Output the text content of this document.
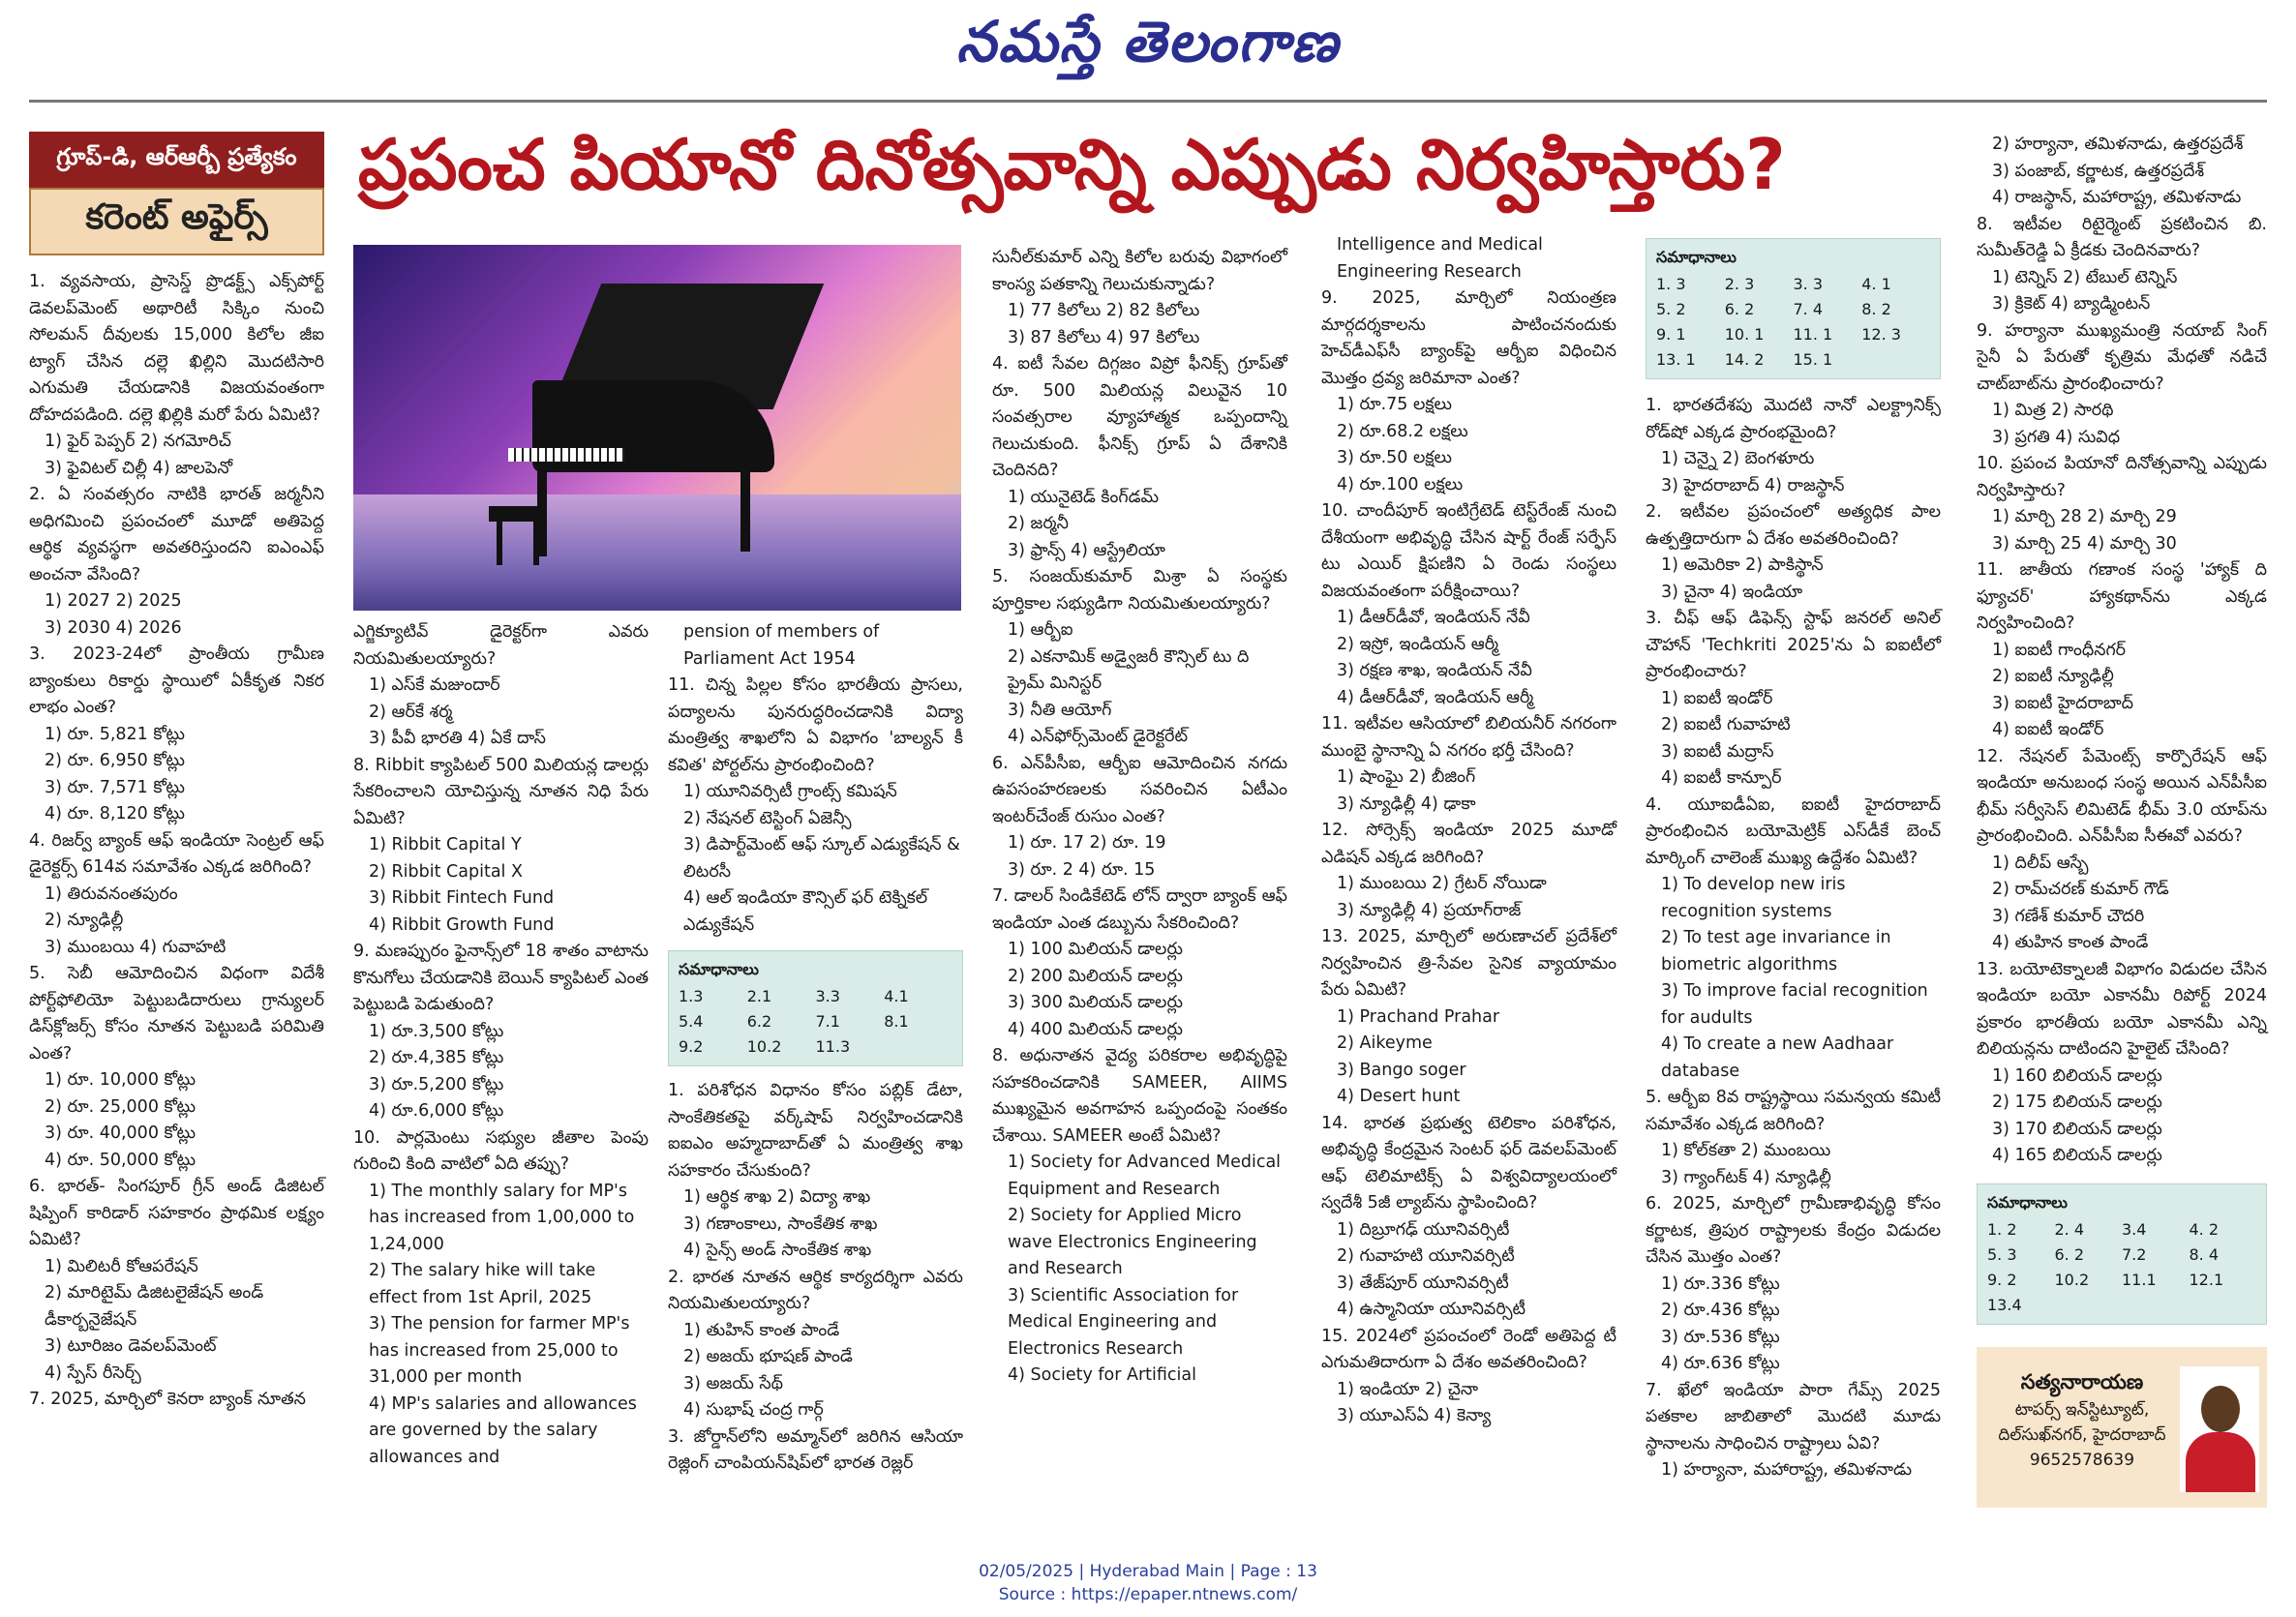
నమస్తే తెలంగాణ
గ్రూప్-డి, ఆర్ఆర్బీ ప్రత్యేకం
కరెంట్ అఫైర్స్
ప్రపంచ పియానో దినోత్సవాన్ని ఎప్పుడు నిర్వహిస్తారు?

1. వ్యవసాయ, ప్రాసెస్డ్ ప్రొడక్ట్స్ ఎక్స్‌పోర్ట్ డెవలప్‌మెంట్ అథారిటీ సిక్కిం నుంచి సోలమన్ దీవులకు 15,000 కిలోల జీఐ ట్యాగ్ చేసిన దల్లె ఖిల్లిని మొదటిసారి ఎగుమతి చేయడానికి విజయవంతంగా దోహదపడింది. దల్లె ఖిల్లికి మరో పేరు ఏమిటి?

1) ఫైర్ పెప్పర్ 2) నగమోరిచ్

3) ఫైవిటల్ చిల్లీ 4) జాలపెనో

2. ఏ సంవత్సరం నాటికి భారత్ జర్మనీని అధిగమించి ప్రపంచంలో మూడో అతిపెద్ద ఆర్థిక వ్యవస్థగా అవతరిస్తుందని ఐఎంఎఫ్ అంచనా వేసింది?

1) 2027 2) 2025

3) 2030 4) 2026

3. 2023-24లో ప్రాంతీయ గ్రామీణ బ్యాంకులు రికార్డు స్థాయిలో ఏకీకృత నికర లాభం ఎంత?

1) రూ. 5,821 కోట్లు

2) రూ. 6,950 కోట్లు

3) రూ. 7,571 కోట్లు

4) రూ. 8,120 కోట్లు

4. రిజర్వ్ బ్యాంక్ ఆఫ్ ఇండియా సెంట్రల్ ఆఫ్ డైరెక్టర్స్ 614వ సమావేశం ఎక్కడ జరిగింది?

1) తిరువనంతపురం

2) న్యూఢిల్లీ

3) ముంబయి 4) గువాహటి

5. సెబీ ఆమోదించిన విధంగా విదేశీ పోర్ట్‌ఫోలియో పెట్టుబడిదారులు గ్రాన్యులర్ డిస్‌క్లోజర్స్ కోసం నూతన పెట్టుబడి పరిమితి ఎంత?

1) రూ. 10,000 కోట్లు

2) రూ. 25,000 కోట్లు

3) రూ. 40,000 కోట్లు

4) రూ. 50,000 కోట్లు

6. భారత్- సింగపూర్ గ్రీన్ అండ్ డిజిటల్ షిప్పింగ్ కారిడార్ సహకారం ప్రాథమిక లక్ష్యం ఏమిటి?

1) మిలిటరీ కోఆపరేషన్

2) మారిటైమ్ డిజిటలైజేషన్ అండ్ డీకార్బనైజేషన్

3) టూరిజం డెవలప్‌మెంట్

4) స్పేస్ రీసెర్చ్

7. 2025, మార్చిలో కెనరా బ్యాంక్ నూతన

ఎగ్జిక్యూటివ్ డైరెక్టర్‌గా ఎవరు నియమితులయ్యారు?

1) ఎస్‌కే మజుందార్

2) ఆర్‌కే శర్మ

3) పీవీ భారతి 4) ఏకే దాస్

8. Ribbit క్యాపిటల్ 500 మిలియన్ల డాలర్లు సేకరించాలని యోచిస్తున్న నూతన నిధి పేరు ఏమిటి?

1) Ribbit Capital Y

2) Ribbit Capital X

3) Ribbit Fintech Fund

4) Ribbit Growth Fund

9. మణప్పురం ఫైనాన్స్‌లో 18 శాతం వాటాను కొనుగోలు చేయడానికి బెయిన్ క్యాపిటల్ ఎంత పెట్టుబడి పెడుతుంది?

1) రూ.3,500 కోట్లు

2) రూ.4,385 కోట్లు

3) రూ.5,200 కోట్లు

4) రూ.6,000 కోట్లు

10. పార్లమెంటు సభ్యుల జీతాల పెంపు గురించి కింది వాటిలో ఏది తప్పు?

1) The monthly salary for MP's has increased from 1,00,000 to 1,24,000

2) The salary hike will take effect from 1st April, 2025

3) The pension for farmer MP's has increased from 25,000 to 31,000 per month

4) MP's salaries and allowances are governed by the salary allowances and

pension of members of Parliament Act 1954

11. చిన్న పిల్లల కోసం భారతీయ ప్రాసలు, పద్యాలను పునరుద్ధరించడానికి విద్యా మంత్రిత్వ శాఖలోని ఏ విభాగం 'బాల్యన్ కీ కవిత' పోర్టల్‌ను ప్రారంభించింది?

1) యూనివర్సిటీ గ్రాంట్స్ కమిషన్

2) నేషనల్ టెస్టింగ్ ఏజెన్సీ

3) డిపార్ట్‌మెంట్ ఆఫ్ స్కూల్ ఎడ్యుకేషన్ & లిటరసీ

4) ఆల్ ఇండియా కౌన్సిల్ ఫర్ టెక్నికల్ ఎడ్యుకేషన్

సమాధానాలు
1.3	2.1	3.3	4.1
5.4	6.2	7.1	8.1
9.2	10.2	11.3

1. పరిశోధన విధానం కోసం పబ్లిక్ డేటా, సాంకేతికతపై వర్క్‌షాప్ నిర్వహించడానికి ఐఐఎం అహ్మదాబాద్‌తో ఏ మంత్రిత్వ శాఖ సహకారం చేసుకుంది?

1) ఆర్థిక శాఖ 2) విద్యా శాఖ

3) గణాంకాలు, సాంకేతిక శాఖ

4) సైన్స్ అండ్ సాంకేతిక శాఖ

2. భారత నూతన ఆర్థిక కార్యదర్శిగా ఎవరు నియమితులయ్యారు?

1) తుహిన్ కాంత పాండే

2) అజయ్ భూషణ్ పాండే

3) అజయ్ సేథ్

4) సుభాష్ చంద్ర గార్గ్

3. జోర్డాన్‌లోని అమ్మాన్‌లో జరిగిన ఆసియా రెజ్లింగ్ చాంపియన్‌షిప్‌లో భారత రెజ్లర్

సునీల్‌కుమార్ ఎన్ని కిలోల బరువు విభాగంలో కాంస్య పతకాన్ని గెలుచుకున్నాడు?

1) 77 కిలోలు 2) 82 కిలోలు

3) 87 కిలోలు 4) 97 కిలోలు

4. ఐటీ సేవల దిగ్గజం విప్రో ఫీనిక్స్ గ్రూప్‌తో రూ. 500 మిలియన్ల విలువైన 10 సంవత్సరాల వ్యూహాత్మక ఒప్పందాన్ని గెలుచుకుంది. ఫీనిక్స్ గ్రూప్ ఏ దేశానికి చెందినది?

1) యునైటెడ్ కింగ్‌డమ్

2) జర్మనీ

3) ఫ్రాన్స్ 4) ఆస్ట్రేలియా

5. సంజయ్‌కుమార్ మిశ్రా ఏ సంస్థకు పూర్తికాల సభ్యుడిగా నియమితులయ్యారు?

1) ఆర్బీఐ

2) ఎకనామిక్ అడ్వైజరీ కౌన్సిల్ టు ది ప్రైమ్ మినిస్టర్

3) నీతి ఆయోగ్

4) ఎన్‌ఫోర్స్‌మెంట్ డైరెక్టరేట్

6. ఎన్‌పీసీఐ, ఆర్బీఐ ఆమోదించిన నగదు ఉపసంహరణలకు సవరించిన ఏటీఎం ఇంటర్‌చేంజ్ రుసుం ఎంత?

1) రూ. 17 2) రూ. 19

3) రూ. 2 4) రూ. 15

7. డాలర్ సిండికేటెడ్ లోన్ ద్వారా బ్యాంక్ ఆఫ్ ఇండియా ఎంత డబ్బును సేకరించింది?

1) 100 మిలియన్ డాలర్లు

2) 200 మిలియన్ డాలర్లు

3) 300 మిలియన్ డాలర్లు

4) 400 మిలియన్ డాలర్లు

8. అధునాతన వైద్య పరికరాల అభివృద్ధిపై సహకరించడానికి SAMEER, AIIMS ముఖ్యమైన అవగాహన ఒప్పందంపై సంతకం చేశాయి. SAMEER అంటే ఏమిటి?

1) Society for Advanced Medical Equipment and Research

2) Society for Applied Micro wave Electronics Engineering and Research

3) Scientific Association for Medical Engineering and Electronics Research

4) Society for Artificial

Intelligence and Medical Engineering Research

9. 2025, మార్చిలో నియంత్రణ మార్గదర్శకాలను పాటించనందుకు హెచ్‌డీఎఫ్‌సీ బ్యాంక్‌పై ఆర్బీఐ విధించిన మొత్తం ద్రవ్య జరిమానా ఎంత?

1) రూ.75 లక్షలు

2) రూ.68.2 లక్షలు

3) రూ.50 లక్షలు

4) రూ.100 లక్షలు

10. చాందీపూర్ ఇంటిగ్రేటెడ్ టెస్ట్‌రేంజ్ నుంచి దేశీయంగా అభివృద్ధి చేసిన షార్ట్ రేంజ్ సర్ఫేస్ టు ఎయిర్ క్షిపణిని ఏ రెండు సంస్థలు విజయవంతంగా పరీక్షించాయి?

1) డీఆర్‌డీవో, ఇండియన్ నేవీ

2) ఇస్రో, ఇండియన్ ఆర్మీ

3) రక్షణ శాఖ, ఇండియన్ నేవీ

4) డీఆర్‌డీవో, ఇండియన్ ఆర్మీ

11. ఇటీవల ఆసియాలో బిలియనీర్ నగరంగా ముంబై స్థానాన్ని ఏ నగరం భర్తీ చేసింది?

1) షాంఘై 2) బీజింగ్

3) న్యూఢిల్లీ 4) ఢాకా

12. సోర్సెక్స్ ఇండియా 2025 మూడో ఎడిషన్ ఎక్కడ జరిగింది?

1) ముంబయి 2) గ్రేటర్ నోయిడా

3) న్యూఢిల్లీ 4) ప్రయాగ్‌రాజ్

13. 2025, మార్చిలో అరుణాచల్ ప్రదేశ్‌లో నిర్వహించిన త్రి-సేవల సైనిక వ్యాయామం పేరు ఏమిటి?

1) Prachand Prahar

2) Aikeyme

3) Bango soger

4) Desert hunt

14. భారత ప్రభుత్వ టెలికాం పరిశోధన, అభివృద్ధి కేంద్రమైన సెంటర్ ఫర్ డెవలప్‌మెంట్ ఆఫ్ టెలిమాటిక్స్ ఏ విశ్వవిద్యాలయంలో స్వదేశీ 5జీ ల్యాబ్‌ను స్థాపించింది?

1) దిబ్రూగఢ్ యూనివర్సిటీ

2) గువాహటి యూనివర్సిటీ

3) తేజ్‌పూర్ యూనివర్సిటీ

4) ఉస్మానియా యూనివర్సిటీ

15. 2024లో ప్రపంచంలో రెండో అతిపెద్ద టీ ఎగుమతిదారుగా ఏ దేశం అవతరించింది?

1) ఇండియా 2) చైనా

3) యూఎస్‌ఏ 4) కెన్యా

సమాధానాలు
1. 3	2. 3	3. 3	4. 1
5. 2	6. 2	7. 4	8. 2
9. 1	10. 1	11. 1	12. 3
13. 1	14. 2	15. 1

1. భారతదేశపు మొదటి నానో ఎలక్ట్రానిక్స్ రోడ్‌షో ఎక్కడ ప్రారంభమైంది?

1) చెన్నై 2) బెంగళూరు

3) హైదరాబాద్ 4) రాజస్థాన్

2. ఇటీవల ప్రపంచంలో అత్యధిక పాల ఉత్పత్తిదారుగా ఏ దేశం అవతరించింది?

1) అమెరికా 2) పాకిస్థాన్

3) చైనా 4) ఇండియా

3. చీఫ్ ఆఫ్ డిఫెన్స్ స్టాఫ్ జనరల్ అనిల్ చౌహాన్ 'Techkriti 2025'ను ఏ ఐఐటీలో ప్రారంభించారు?

1) ఐఐటీ ఇండోర్

2) ఐఐటీ గువాహటి

3) ఐఐటీ మద్రాస్

4) ఐఐటీ కాన్పూర్

4. యూఐడీఏఐ, ఐఐటీ హైదరాబాద్ ప్రారంభించిన బయోమెట్రిక్ ఎస్‌డీకే బెంచ్ మార్కింగ్ చాలెంజ్ ముఖ్య ఉద్దేశం ఏమిటి?

1) To develop new iris recognition systems

2) To test age invariance in biometric algorithms

3) To improve facial recognition for audults

4) To create a new Aadhaar database

5. ఆర్బీఐ 8వ రాష్ట్రస్థాయి సమన్వయ కమిటీ సమావేశం ఎక్కడ జరిగింది?

1) కోల్‌కతా 2) ముంబయి

3) గ్యాంగ్‌టక్ 4) న్యూఢిల్లీ

6. 2025, మార్చిలో గ్రామీణాభివృద్ధి కోసం కర్ణాటక, త్రిపుర రాష్ట్రాలకు కేంద్రం విడుదల చేసిన మొత్తం ఎంత?

1) రూ.336 కోట్లు

2) రూ.436 కోట్లు

3) రూ.536 కోట్లు

4) రూ.636 కోట్లు

7. ఖేలో ఇండియా పారా గేమ్స్ 2025 పతకాల జాబితాలో మొదటి మూడు స్థానాలను సాధించిన రాష్ట్రాలు ఏవి?

1) హర్యానా, మహారాష్ట్ర, తమిళనాడు

2) హర్యానా, తమిళనాడు, ఉత్తరప్రదేశ్

3) పంజాబ్, కర్ణాటక, ఉత్తరప్రదేశ్

4) రాజస్థాన్, మహారాష్ట్ర, తమిళనాడు

8. ఇటీవల రిటైర్మెంట్ ప్రకటించిన బి. సుమీత్‌రెడ్డి ఏ క్రీడకు చెందినవారు?

1) టెన్నిస్ 2) టేబుల్ టెన్నిస్

3) క్రికెట్ 4) బ్యాడ్మింటన్

9. హర్యానా ముఖ్యమంత్రి నయాబ్ సింగ్ సైనీ ఏ పేరుతో కృత్రిమ మేధతో నడిచే చాట్‌బాట్‌ను ప్రారంభించారు?

1) మిత్ర 2) సారథి

3) ప్రగతి 4) సువిధ

10. ప్రపంచ పియానో దినోత్సవాన్ని ఎప్పుడు నిర్వహిస్తారు?

1) మార్చి 28 2) మార్చి 29

3) మార్చి 25 4) మార్చి 30

11. జాతీయ గణాంక సంస్థ 'హ్యాక్ ది ఫ్యూచర్' హ్యాకథాన్‌ను ఎక్కడ నిర్వహించింది?

1) ఐఐటీ గాంధీనగర్

2) ఐఐటీ న్యూఢిల్లీ

3) ఐఐటీ హైదరాబాద్

4) ఐఐటీ ఇండోర్

12. నేషనల్ పేమెంట్స్ కార్పొరేషన్ ఆఫ్ ఇండియా అనుబంధ సంస్థ అయిన ఎన్‌పీసీఐ భీమ్ సర్వీసెస్ లిమిటెడ్ భీమ్ 3.0 యాప్‌ను ప్రారంభించింది. ఎన్‌పీసీఐ సీఈవో ఎవరు?

1) దిలీప్ ఆస్బే

2) రామ్‌చరణ్ కుమార్ గౌడ్

3) గణేశ్ కుమార్ చౌదరి

4) తుహిన కాంత పాండే

13. బయోటెక్నాలజీ విభాగం విడుదల చేసిన ఇండియా బయో ఎకానమీ రిపోర్ట్ 2024 ప్రకారం భారతీయ బయో ఎకానమీ ఎన్ని బిలియన్లను దాటిందని హైలైట్ చేసింది?

1) 160 బిలియన్ డాలర్లు

2) 175 బిలియన్ డాలర్లు

3) 170 బిలియన్ డాలర్లు

4) 165 బిలియన్ డాలర్లు

సమాధానాలు
1. 2	2. 4	3.4	4. 2
5. 3	6. 2	7.2	8. 4
9. 2	10.2	11.1	12.1
13.4
సత్యనారాయణ
టాపర్స్ ఇన్‌స్టిట్యూట్,
దిల్‌సుఖ్‌నగర్, హైదరాబాద్
9652578639
02/05/2025 | Hyderabad Main | Page : 13
Source : https://epaper.ntnews.com/
